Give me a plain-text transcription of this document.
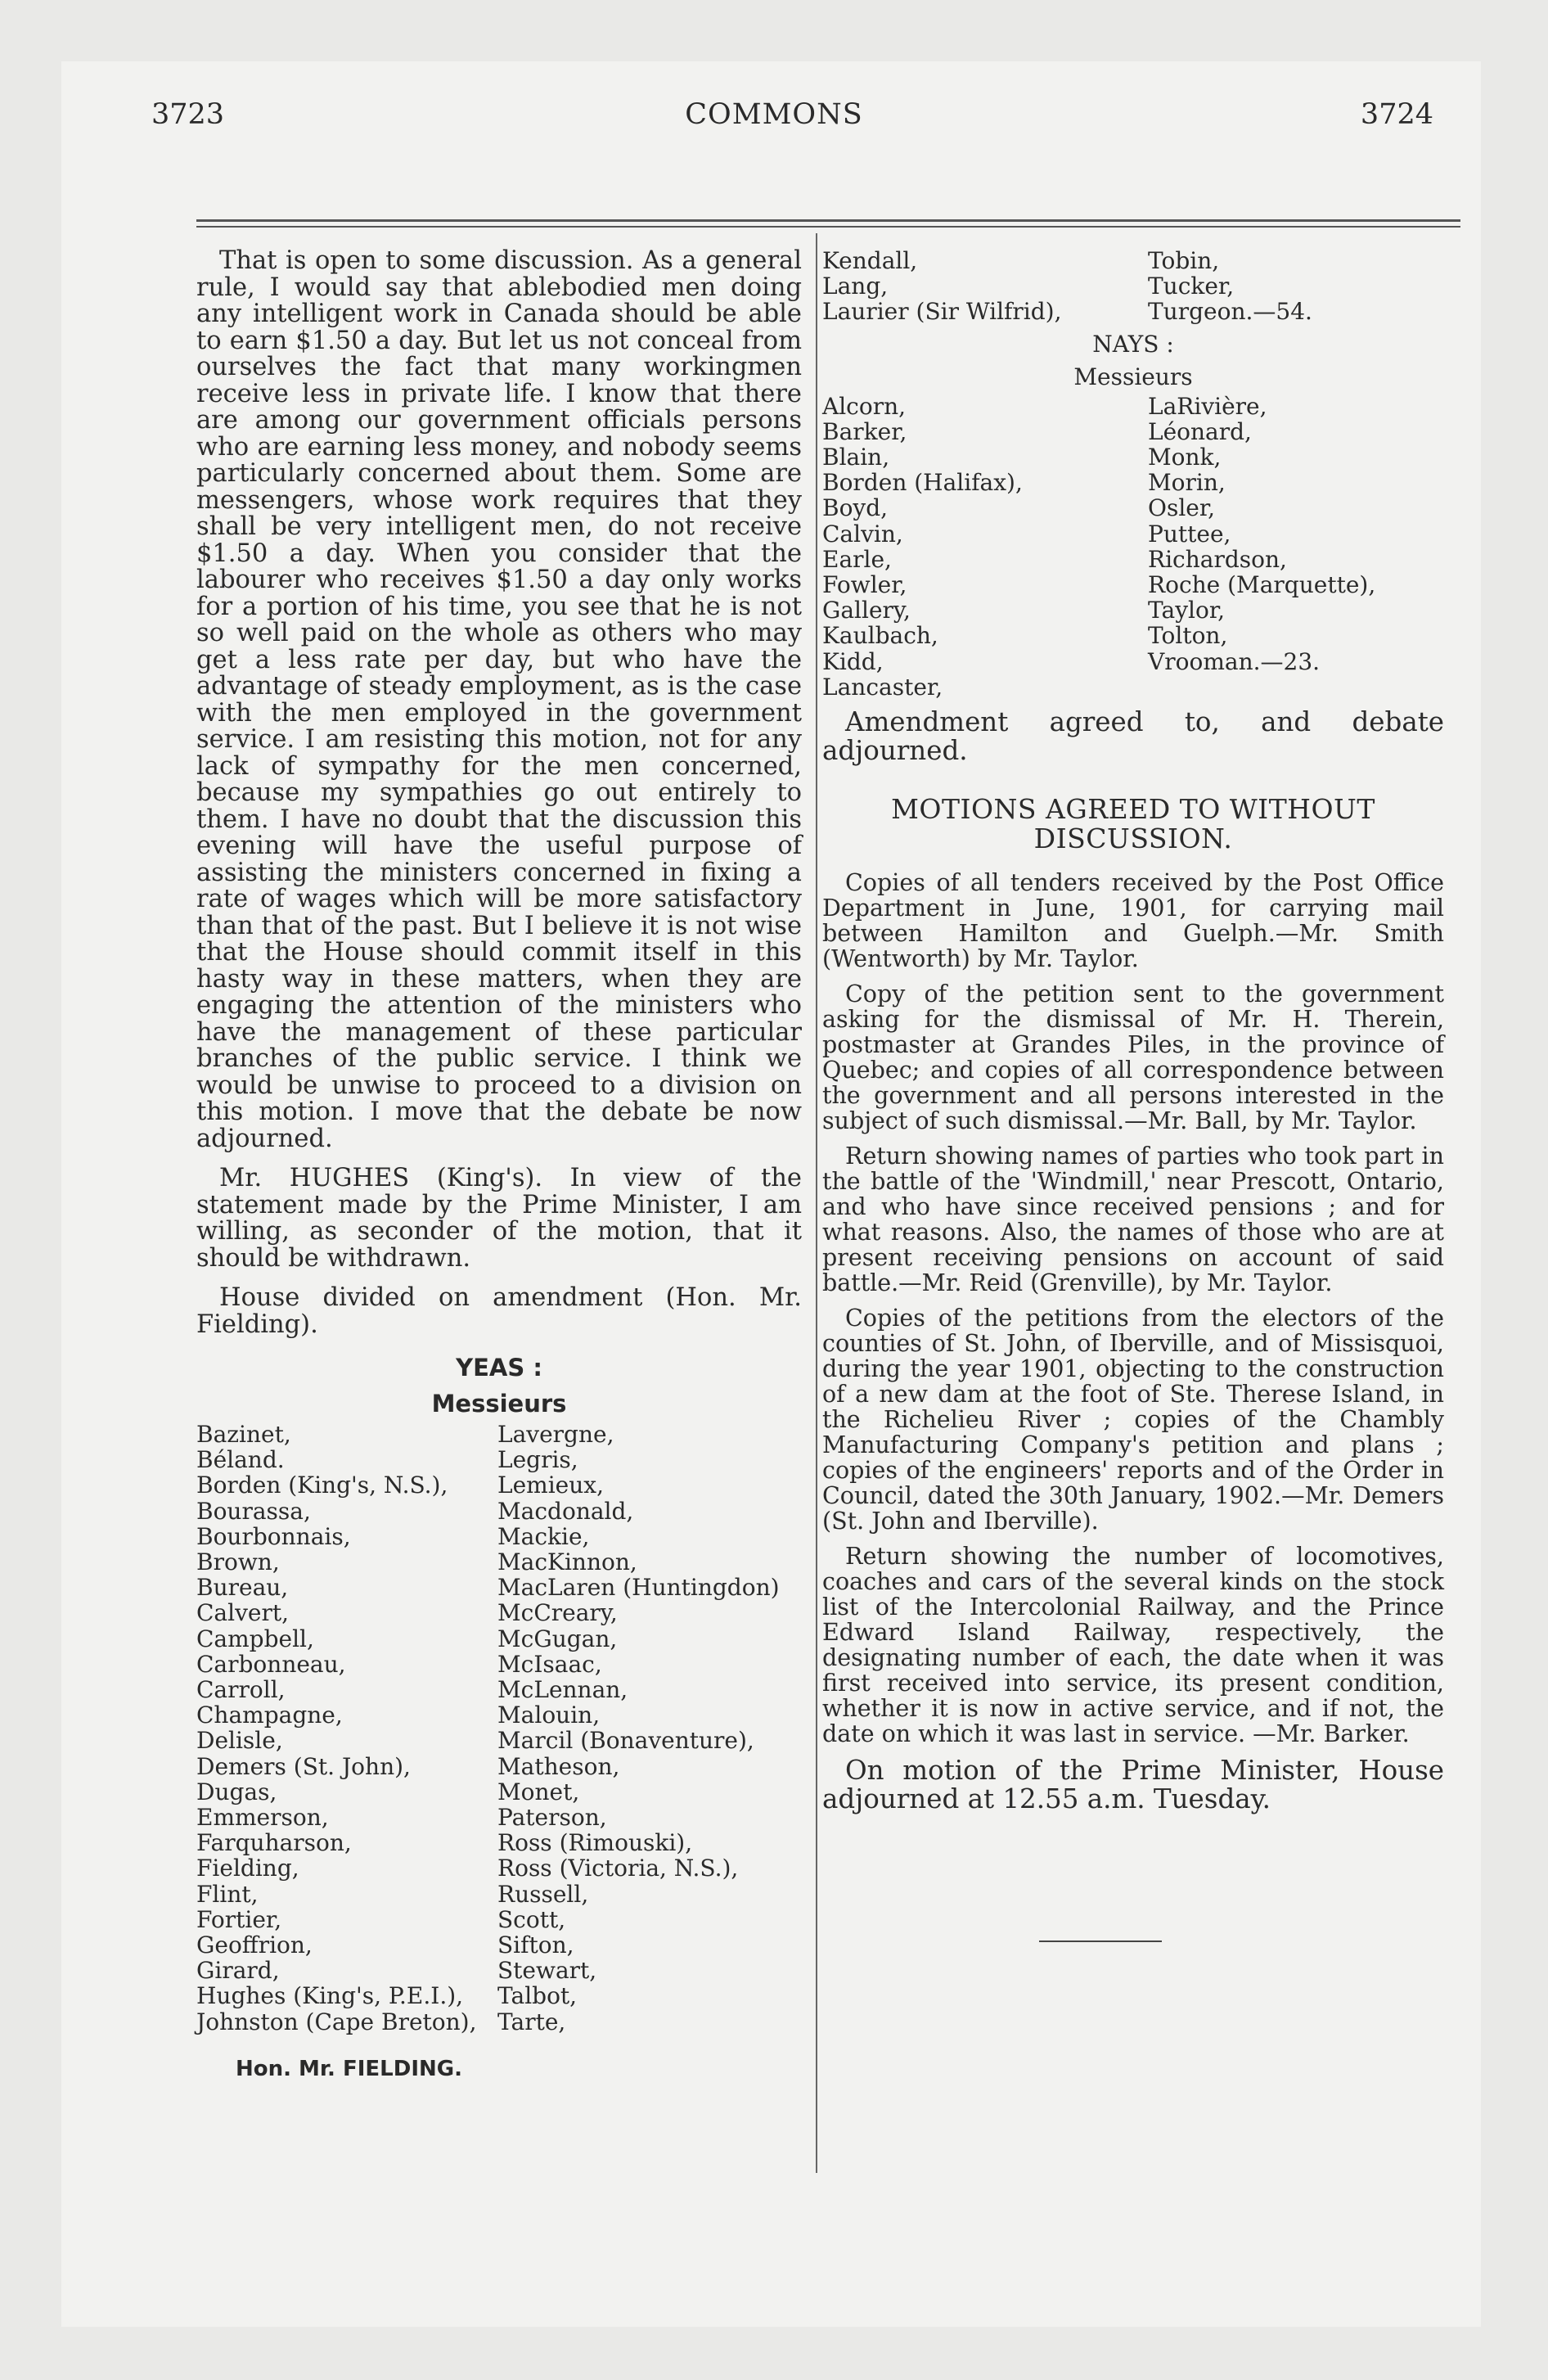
3723	COMMONS	3724

That is open to some discussion. As a general rule, I would say that ablebodied men doing any intelligent work in Canada should be able to earn $1.50 a day. But let us not conceal from ourselves the fact that many workingmen receive less in private life. I know that there are among our government officials persons who are earning less money, and nobody seems particularly concerned about them. Some are messengers, whose work requires that they shall be very intelligent men, do not receive $1.50 a day. When you consider that the labourer who receives $1.50 a day only works for a portion of his time, you see that he is not so well paid on the whole as others who may get a less rate per day, but who have the advantage of steady employment, as is the case with the men employed in the government service. I am resisting this motion, not for any lack of sympathy for the men concerned, because my sympathies go out entirely to them. I have no doubt that the discussion this evening will have the useful purpose of assisting the ministers concerned in fixing a rate of wages which will be more satisfactory than that of the past. But I believe it is not wise that the House should commit itself in this hasty way in these matters, when they are engaging the attention of the ministers who have the management of these particular branches of the public service. I think we would be unwise to proceed to a division on this motion. I move that the debate be now adjourned.

Mr. HUGHES (King's). In view of the statement made by the Prime Minister, I am willing, as seconder of the motion, that it should be withdrawn.

House divided on amendment (Hon. Mr. Fielding).

YEAS :
Messieurs
Bazinet,
Béland.
Borden (King's, N.S.),
Bourassa,
Bourbonnais,
Brown,
Bureau,
Calvert,
Campbell,
Carbonneau,
Carroll,
Champagne,
Delisle,
Demers (St. John),
Dugas,
Emmerson,
Farquharson,
Fielding,
Flint,
Fortier,
Geoffrion,
Girard,
Hughes (King's, P.E.I.),
Johnston (Cape Breton),
Lavergne,
Legris,
Lemieux,
Macdonald,
Mackie,
MacKinnon,
MacLaren (Huntingdon)
McCreary,
McGugan,
McIsaac,
McLennan,
Malouin,
Marcil (Bonaventure),
Matheson,
Monet,
Paterson,
Ross (Rimouski),
Ross (Victoria, N.S.),
Russell,
Scott,
Sifton,
Stewart,
Talbot,
Tarte,
Hon. Mr. FIELDING.
Kendall,
Lang,
Laurier (Sir Wilfrid),
Tobin,
Tucker,
Turgeon.—54.
NAYS :
Messieurs
Alcorn,
Barker,
Blain,
Borden (Halifax),
Boyd,
Calvin,
Earle,
Fowler,
Gallery,
Kaulbach,
Kidd,
Lancaster,
LaRivière,
Léonard,
Monk,
Morin,
Osler,
Puttee,
Richardson,
Roche (Marquette),
Taylor,
Tolton,
Vrooman.—23.

Amendment agreed to, and debate adjourned.

MOTIONS AGREED TO WITHOUT DISCUSSION.

Copies of all tenders received by the Post Office Department in June, 1901, for carrying mail between Hamilton and Guelph.—Mr. Smith (Wentworth) by Mr. Taylor.

Copy of the petition sent to the government asking for the dismissal of Mr. H. Therein, postmaster at Grandes Piles, in the province of Quebec; and copies of all correspondence between the government and all persons interested in the subject of such dismissal.—Mr. Ball, by Mr. Taylor.

Return showing names of parties who took part in the battle of the 'Windmill,' near Prescott, Ontario, and who have since received pensions ; and for what reasons. Also, the names of those who are at present receiving pensions on account of said battle.—Mr. Reid (Grenville), by Mr. Taylor.

Copies of the petitions from the electors of the counties of St. John, of Iberville, and of Missisquoi, during the year 1901, objecting to the construction of a new dam at the foot of Ste. Therese Island, in the Richelieu River ; copies of the Chambly Manufacturing Company's petition and plans ; copies of the engineers' reports and of the Order in Council, dated the 30th January, 1902.—Mr. Demers (St. John and Iberville).

Return showing the number of locomotives, coaches and cars of the several kinds on the stock list of the Intercolonial Railway, and the Prince Edward Island Railway, respectively, the designating number of each, the date when it was first received into service, its present condition, whether it is now in active service, and if not, the date on which it was last in service. —Mr. Barker.

On motion of the Prime Minister, House adjourned at 12.55 a.m. Tuesday.
